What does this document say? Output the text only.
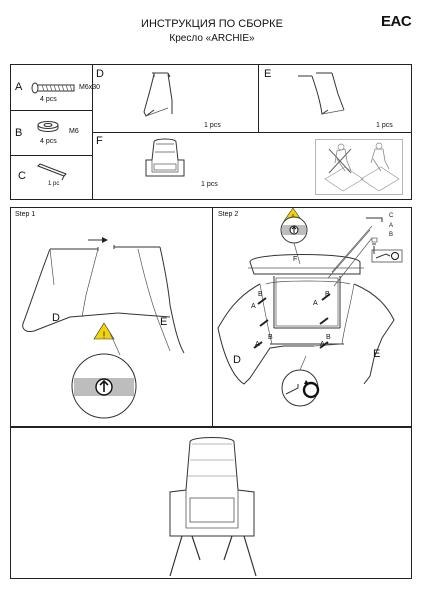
ИНСТРУКЦИЯ ПО СБОРКЕ
Кресло «ARCHIE»
EAC
A	M6x30
4 pcs
B	M6
4 pcs
C
1 pc
D
1 pcs
E
1 pcs
F
1 pcs
Step 1
!
D	E
Step 2	C
A
B
F
B
A
B
A
A	A
B	B
D	E
